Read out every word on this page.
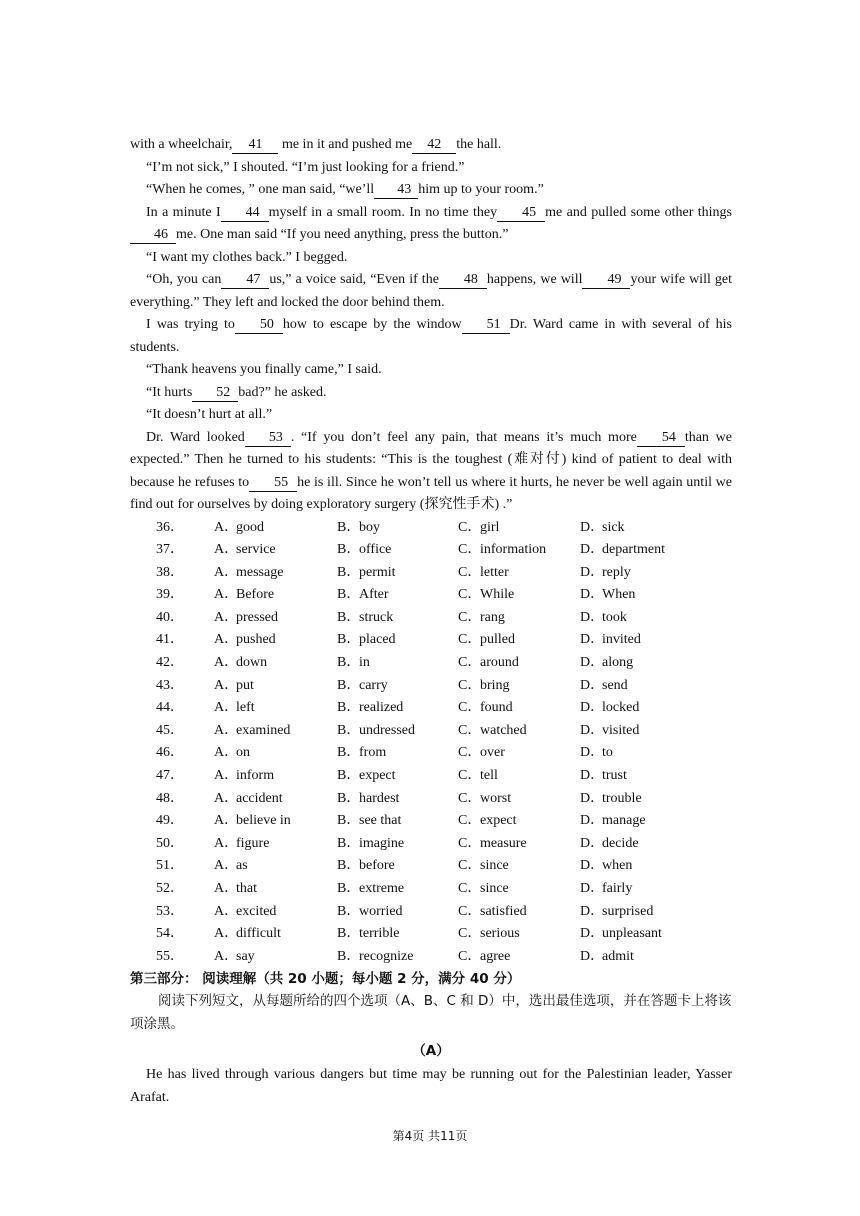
with a wheelchair, 41 me in it and pushed me 42 the hall.

“I’m not sick,” I shouted. “I’m just looking for a friend.”

“When he comes, ” one man said, “we’ll 43 him up to your room.”

In a minute I 44 myself in a small room. In no time they 45 me and pulled some other things46 me. One man said “If you need anything, press the button.”

“I want my clothes back.” I begged.

“Oh, you can 47 us,” a voice said, “Even if the 48 happens, we will 49 your wife will get everything.” They left and locked the door behind them.

I was trying to 50 how to escape by the window 51 Dr. Ward came in with several of his students.

“Thank heavens you finally came,” I said.

“It hurts 52 bad?” he asked.

“It doesn’t hurt at all.”

Dr. Ward looked 53 . “If you don’t feel any pain, that means it’s much more 54 than we expected.” Then he turned to his students: “This is the toughest (难对付) kind of patient to deal with because he refuses to 55 he is ill. Since he won’t tell us where it hurts, he never be well again until we find out for ourselves by doing exploratory surgery (探究性手术) .”

36．	A．good	B．boy	C．girl	D．sick
37．	A．service	B．office	C．information	D．department
38．	A．message	B．permit	C．letter	D．reply
39．	A．Before	B．After	C．While	D．When
40．	A．pressed	B．struck	C．rang	D．took
41．	A．pushed	B．placed	C．pulled	D．invited
42．	A．down	B．in	C．around	D．along
43．	A．put	B．carry	C．bring	D．send
44．	A．left	B．realized	C．found	D．locked
45．	A．examined	B．undressed	C．watched	D．visited
46．	A．on	B．from	C．over	D．to
47．	A．inform	B．expect	C．tell	D．trust
48．	A．accident	B．hardest	C．worst	D．trouble
49．	A．believe in	B．see that	C．expect	D．manage
50．	A．figure	B．imagine	C．measure	D．decide
51．	A．as	B．before	C．since	D．when
52．	A．that	B．extreme	C．since	D．fairly
53．	A．excited	B．worried	C．satisfied	D．surprised
54．	A．difficult	B．terrible	C．serious	D．unpleasant
55．	A．say	B．recognize	C．agree	D．admit

第三部分： 阅读理解（共 20 小题；每小题 2 分，满分 40 分）

阅读下列短文，从每题所给的四个选项（A、B、C 和 D）中，选出最佳选项，并在答题卡上将该项涂黑。

（A）

He has lived through various dangers but time may be running out for the Palestinian leader, Yasser Arafat.

第4页 共11页
